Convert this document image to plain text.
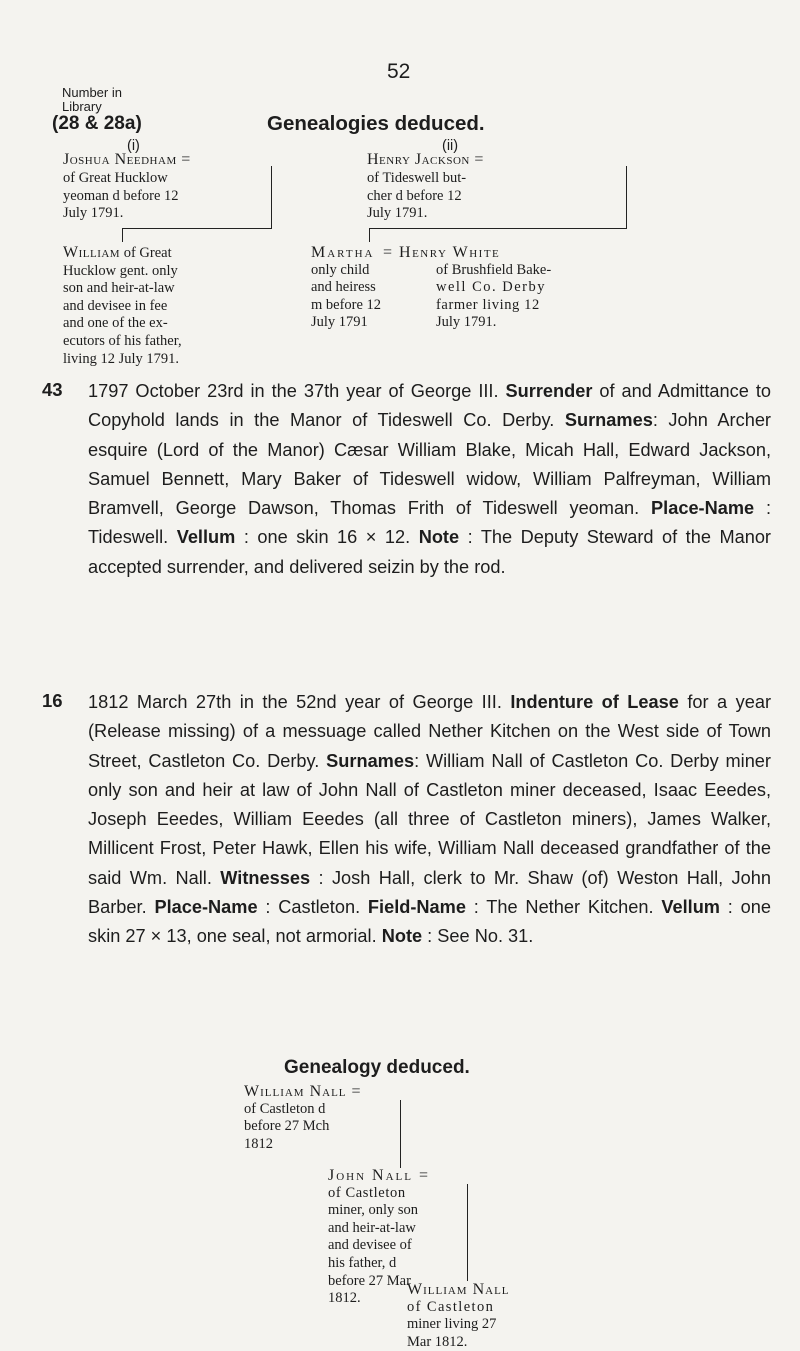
52
Number in
Library
(28 & 28a)	Genealogies deduced.
(i)
Joshua Needham =
of Great Hucklow
yeoman d before 12
July 1791.
William of Great
Hucklow gent. only
son and heir-at-law
and devisee in fee
and one of the ex-
ecutors of his father,
living 12 July 1791.
(ii)
Henry Jackson =
of Tideswell but-
cher d before 12
July 1791.
Martha
only child
and heiress
m before 12
July 1791
= Henry White
of Brushfield Bake-
well Co. Derby
farmer living 12
July 1791.
43 1797 October 23rd in the 37th year of George III. Surrender of and Admittance to Copyhold lands in the Manor of Tideswell Co. Derby. Surnames: John Archer esquire (Lord of the Manor) Cæsar William Blake, Micah Hall, Edward Jackson, Samuel Bennett, Mary Baker of Tideswell widow, William Palfreyman, William Bramvell, George Dawson, Thomas Frith of Tideswell yeoman. Place-Name : Tideswell. Vellum : one skin 16 × 12. Note : The Deputy Steward of the Manor accepted surrender, and delivered seizin by the rod.
16 1812 March 27th in the 52nd year of George III. Indenture of Lease for a year (Release missing) of a messuage called Nether Kitchen on the West side of Town Street, Castleton Co. Derby. Surnames: William Nall of Castleton Co. Derby miner only son and heir at law of John Nall of Castleton miner deceased, Isaac Eeedes, Joseph Eeedes, William Eeedes (all three of Castleton miners), James Walker, Millicent Frost, Peter Hawk, Ellen his wife, William Nall deceased grandfather of the said Wm. Nall. Witnesses : Josh Hall, clerk to Mr. Shaw (of) Weston Hall, John Barber. Place-Name : Castleton. Field-Name : The Nether Kitchen. Vellum : one skin 27 × 13, one seal, not armorial. Note : See No. 31.
Genealogy deduced.
William Nall =
of Castleton d
before 27 Mch
1812
John Nall =
of Castleton
miner, only son
and heir-at-law
and devisee of
his father, d
before 27 Mar
1812.
William Nall
of Castleton
miner living 27
Mar 1812.
